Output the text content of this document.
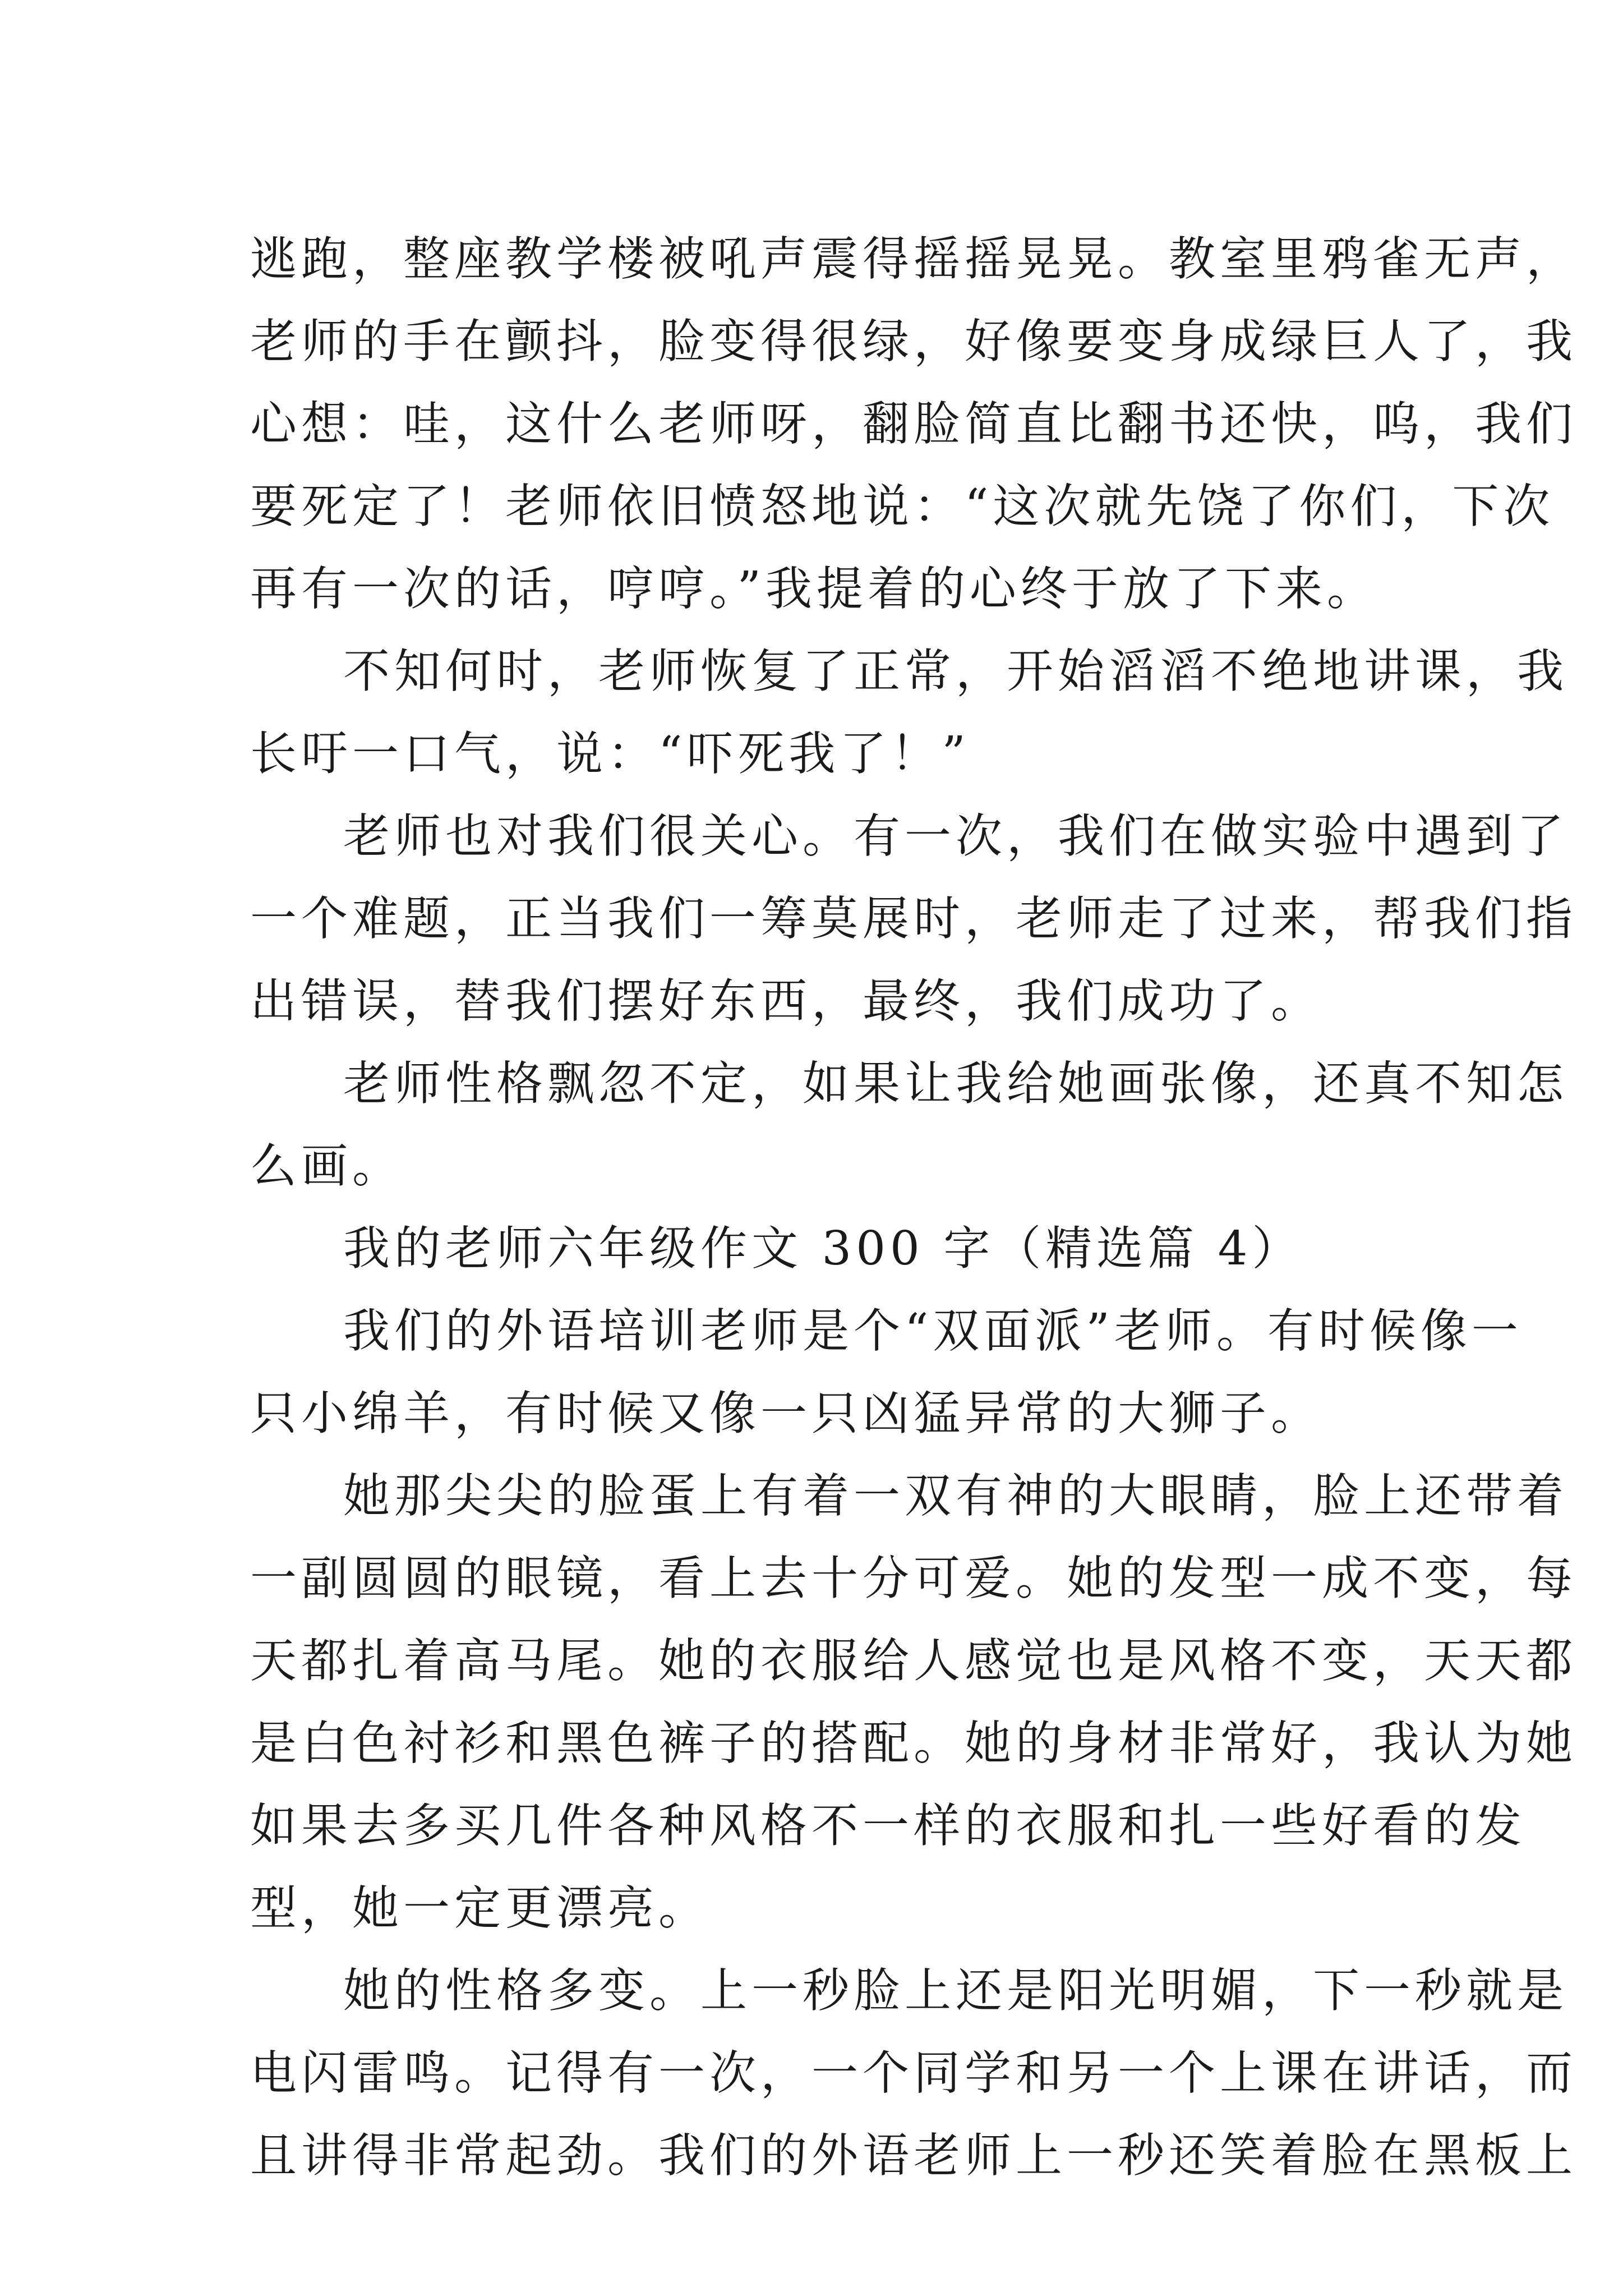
逃跑，整座教学楼被吼声震得摇摇晃晃。教室里鸦雀无声，
老师的手在颤抖，脸变得很绿，好像要变身成绿巨人了，我
心想：哇，这什么老师呀，翻脸简直比翻书还快，呜，我们
要死定了！老师依旧愤怒地说：“这次就先饶了你们，下次
再有一次的话，哼哼。”我提着的心终于放了下来。
不知何时，老师恢复了正常，开始滔滔不绝地讲课，我
长吁一口气，说：“吓死我了！”
老师也对我们很关心。有一次，我们在做实验中遇到了
一个难题，正当我们一筹莫展时，老师走了过来，帮我们指
出错误，替我们摆好东西，最终，我们成功了。
老师性格飘忽不定，如果让我给她画张像，还真不知怎
么画。
我的老师六年级作文 300 字（精选篇 4）
我们的外语培训老师是个“双面派”老师。有时候像一
只小绵羊，有时候又像一只凶猛异常的大狮子。
她那尖尖的脸蛋上有着一双有神的大眼睛，脸上还带着
一副圆圆的眼镜，看上去十分可爱。她的发型一成不变，每
天都扎着高马尾。她的衣服给人感觉也是风格不变，天天都
是白色衬衫和黑色裤子的搭配。她的身材非常好，我认为她
如果去多买几件各种风格不一样的衣服和扎一些好看的发
型，她一定更漂亮。
她的性格多变。上一秒脸上还是阳光明媚，下一秒就是
电闪雷鸣。记得有一次，一个同学和另一个上课在讲话，而
且讲得非常起劲。我们的外语老师上一秒还笑着脸在黑板上
